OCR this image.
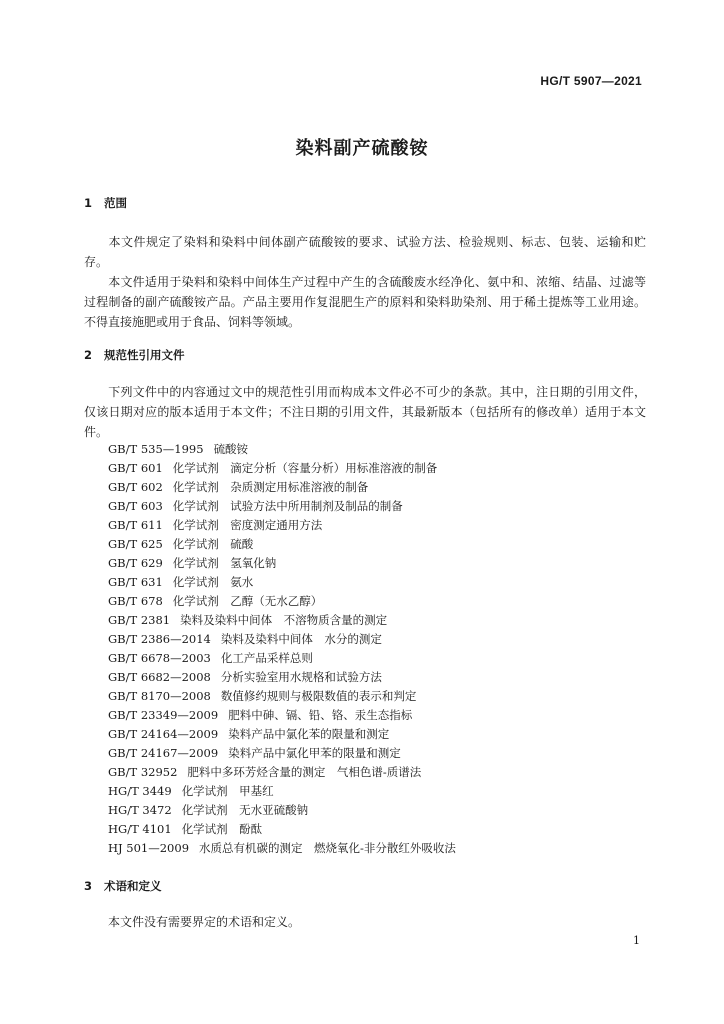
HG/T 5907—2021
染料副产硫酸铵
1 范围
本文件规定了染料和染料中间体副产硫酸铵的要求、试验方法、检验规则、标志、包装、运输和贮存。
本文件适用于染料和染料中间体生产过程中产生的含硫酸废水经净化、氨中和、浓缩、结晶、过滤等过程制备的副产硫酸铵产品。产品主要用作复混肥生产的原料和染料助染剂、用于稀土提炼等工业用途。不得直接施肥或用于食品、饲料等领域。
2 规范性引用文件
下列文件中的内容通过文中的规范性引用而构成本文件必不可少的条款。其中，注日期的引用文件，仅该日期对应的版本适用于本文件；不注日期的引用文件，其最新版本（包括所有的修改单）适用于本文件。
GB/T 535—1995 硫酸铵
GB/T 601 化学试剂　滴定分析（容量分析）用标准溶液的制备
GB/T 602 化学试剂　杂质测定用标准溶液的制备
GB/T 603 化学试剂　试验方法中所用制剂及制品的制备
GB/T 611 化学试剂　密度测定通用方法
GB/T 625 化学试剂　硫酸
GB/T 629 化学试剂　氢氧化钠
GB/T 631 化学试剂　氨水
GB/T 678 化学试剂　乙醇（无水乙醇）
GB/T 2381 染料及染料中间体　不溶物质含量的测定
GB/T 2386—2014 染料及染料中间体　水分的测定
GB/T 6678—2003 化工产品采样总则
GB/T 6682—2008 分析实验室用水规格和试验方法
GB/T 8170—2008 数值修约规则与极限数值的表示和判定
GB/T 23349—2009 肥料中砷、镉、铅、铬、汞生态指标
GB/T 24164—2009 染料产品中氯化苯的限量和测定
GB/T 24167—2009 染料产品中氯化甲苯的限量和测定
GB/T 32952 肥料中多环芳烃含量的测定　气相色谱-质谱法
HG/T 3449 化学试剂　甲基红
HG/T 3472 化学试剂　无水亚硫酸钠
HG/T 4101 化学试剂　酚酞
HJ 501—2009 水质总有机碳的测定　燃烧氧化-非分散红外吸收法
3 术语和定义
本文件没有需要界定的术语和定义。
1
